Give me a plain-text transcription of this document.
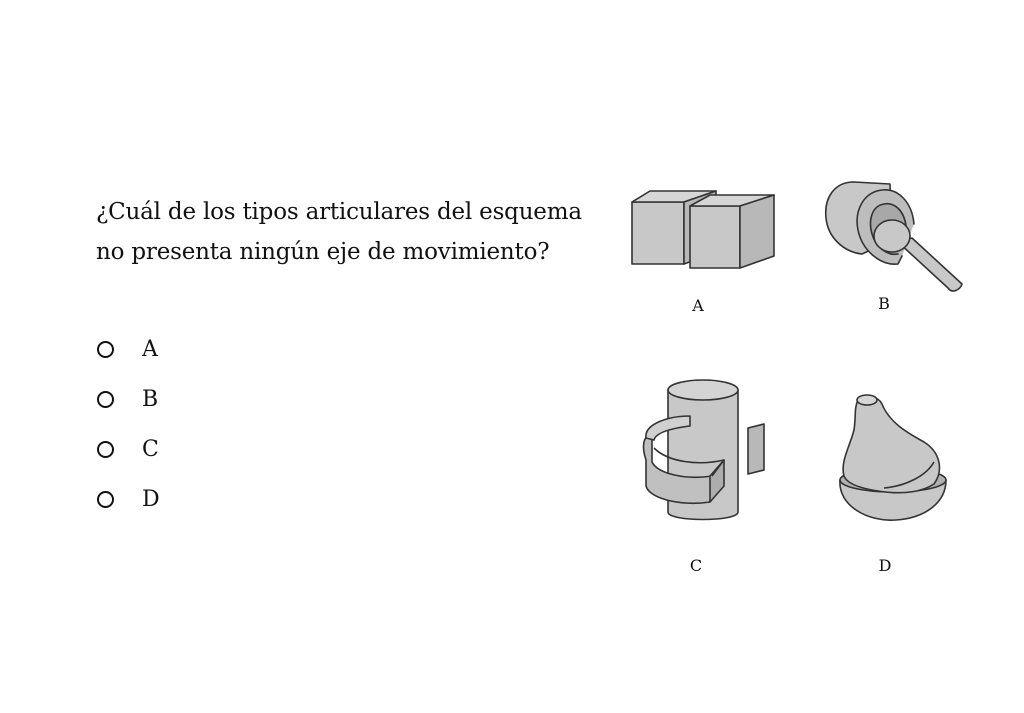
¿Cuál de los tipos articulares del esquema

no presenta ningún eje de movimiento?

A
B
C
D
A	B
C	D
